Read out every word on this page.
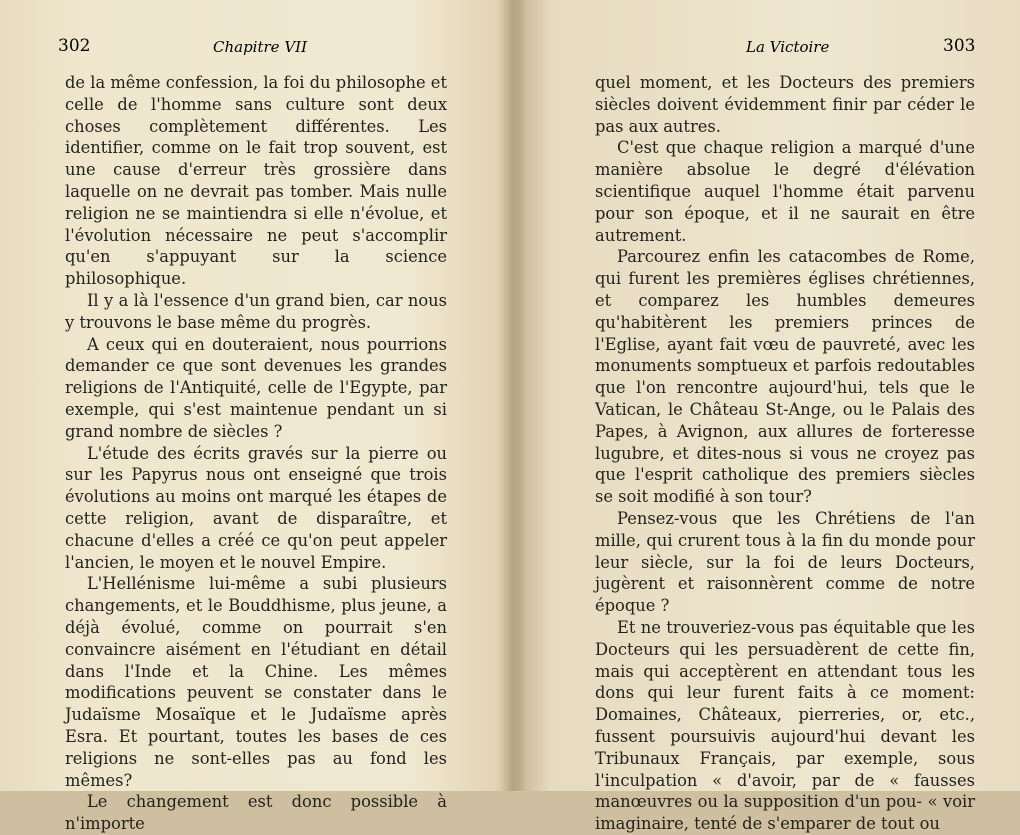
302	Chapitre VII

de la même confession, la foi du philosophe et celle de l'homme sans culture sont deux choses complètement différentes. Les identifier, comme on le fait trop souvent, est une cause d'erreur très grossière dans laquelle on ne devrait pas tomber. Mais nulle religion ne se maintiendra si elle n'évolue, et l'évolution nécessaire ne peut s'accomplir qu'en s'appuyant sur la science philosophique.

Il y a là l'essence d'un grand bien, car nous y trouvons le base même du progrès.

A ceux qui en douteraient, nous pourrions demander ce que sont devenues les grandes religions de l'Antiquité, celle de l'Egypte, par exemple, qui s'est maintenue pendant un si grand nombre de siècles ?

L'étude des écrits gravés sur la pierre ou sur les Papyrus nous ont enseigné que trois évolutions au moins ont marqué les étapes de cette religion, avant de disparaître, et chacune d'elles a créé ce qu'on peut appeler l'ancien, le moyen et le nouvel Empire.

L'Hellénisme lui-même a subi plusieurs changements, et le Bouddhisme, plus jeune, a déjà évolué, comme on pourrait s'en convaincre aisément en l'étudiant en détail dans l'Inde et la Chine. Les mêmes modifications peuvent se constater dans le Judaïsme Mosaïque et le Judaïsme après Esra. Et pourtant, toutes les bases de ces religions ne sont-elles pas au fond les mêmes?

Le changement est donc possible à n'importe

La Victoire	303

quel moment, et les Docteurs des premiers siècles doivent évidemment finir par céder le pas aux autres.

C'est que chaque religion a marqué d'une manière absolue le degré d'élévation scientifique auquel l'homme était parvenu pour son époque, et il ne saurait en être autrement.

Parcourez enfin les catacombes de Rome, qui furent les premières églises chrétiennes, et comparez les humbles demeures qu'habitèrent les premiers princes de l'Eglise, ayant fait vœu de pauvreté, avec les monuments somptueux et parfois redoutables que l'on rencontre aujourd'hui, tels que le Vatican, le Château St-Ange, ou le Palais des Papes, à Avignon, aux allures de forteresse lugubre, et dites-nous si vous ne croyez pas que l'esprit catholique des premiers siècles se soit modifié à son tour?

Pensez-vous que les Chrétiens de l'an mille, qui crurent tous à la fin du monde pour leur siècle, sur la foi de leurs Docteurs, jugèrent et raisonnèrent comme de notre époque ?

Et ne trouveriez-vous pas équitable que les Docteurs qui les persuadèrent de cette fin, mais qui acceptèrent en attendant tous les dons qui leur furent faits à ce moment: Domaines, Châteaux, pierreries, or, etc., fussent poursuivis aujourd'hui devant les Tribunaux Français, par exemple, sous l'inculpation « d'avoir, par de « fausses manœuvres ou la supposition d'un pou- « voir imaginaire, tenté de s'emparer de tout ou
